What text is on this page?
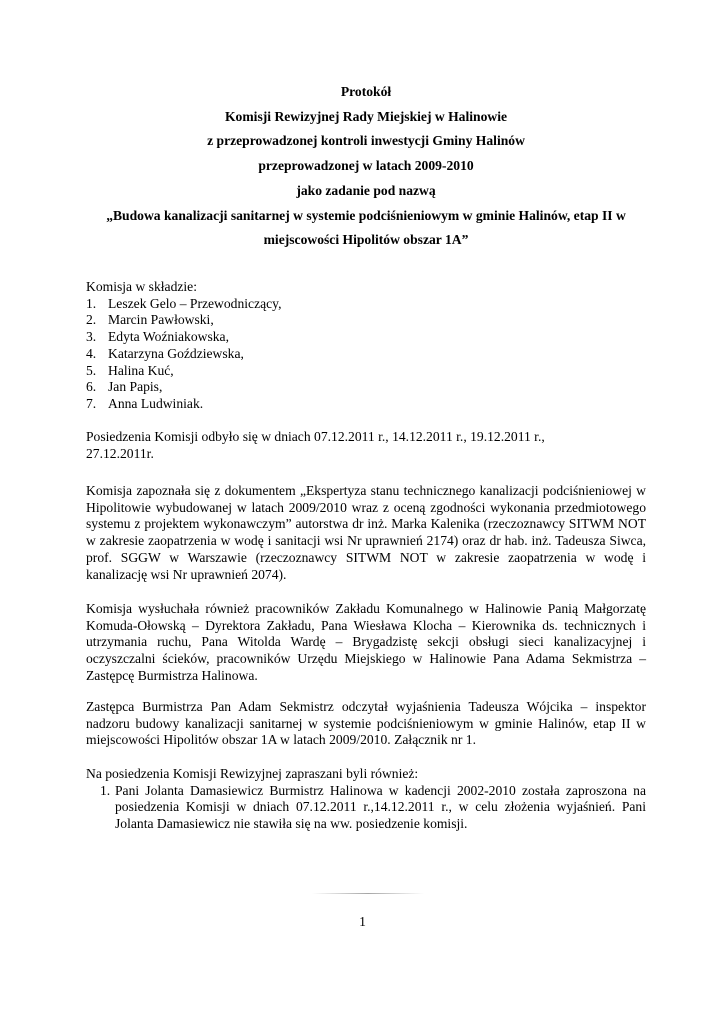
Protokół
Komisji Rewizyjnej Rady Miejskiej w Halinowie
z przeprowadzonej kontroli inwestycji Gminy Halinów
przeprowadzonej w latach 2009-2010
jako zadanie pod nazwą
„Budowa kanalizacji sanitarnej w systemie podciśnieniowym w gminie Halinów, etap II w
miejscowości Hipolitów obszar 1A”

Komisja w składzie:

1. Leszek Gelo – Przewodniczący,
2. Marcin Pawłowski,
3. Edyta Woźniakowska,
4. Katarzyna Goździewska,
5. Halina Kuć,
6. Jan Papis,
7. Anna Ludwiniak.

Posiedzenia Komisji odbyło się w dniach 07.12.2011 r., 14.12.2011 r., 19.12.2011 r., 27.12.2011r.

Komisja zapoznała się z dokumentem „Ekspertyza stanu technicznego kanalizacji podciśnieniowej w Hipolitowie wybudowanej w latach 2009/2010 wraz z oceną zgodności wykonania przedmiotowego systemu z projektem wykonawczym” autorstwa dr inż. Marka Kalenika (rzeczoznawcy SITWM NOT w zakresie zaopatrzenia w wodę i sanitacji wsi Nr uprawnień 2174) oraz dr hab. inż. Tadeusza Siwca, prof. SGGW w Warszawie (rzeczoznawcy SITWM NOT w zakresie zaopatrzenia w wodę i kanalizację wsi Nr uprawnień 2074).

Komisja wysłuchała również pracowników Zakładu Komunalnego w Halinowie Panią Małgorzatę Komuda-Ołowską – Dyrektora Zakładu, Pana Wiesława Klocha – Kierownika ds. technicznych i utrzymania ruchu, Pana Witolda Wardę – Brygadzistę sekcji obsługi sieci kanalizacyjnej i oczyszczalni ścieków, pracowników Urzędu Miejskiego w Halinowie Pana Adama Sekmistrza – Zastępcę Burmistrza Halinowa.

Zastępca Burmistrza Pan Adam Sekmistrz odczytał wyjaśnienia Tadeusza Wójcika – inspektor nadzoru budowy kanalizacji sanitarnej w systemie podciśnieniowym w gminie Halinów, etap II w miejscowości Hipolitów obszar 1A w latach 2009/2010. Załącznik nr 1.

Na posiedzenia Komisji Rewizyjnej zapraszani byli również:

1. Pani Jolanta Damasiewicz Burmistrz Halinowa w kadencji 2002-2010 została zaproszona na posiedzenia Komisji w dniach 07.12.2011 r.,14.12.2011 r., w celu złożenia wyjaśnień. Pani Jolanta Damasiewicz nie stawiła się na ww. posiedzenie komisji.
1
